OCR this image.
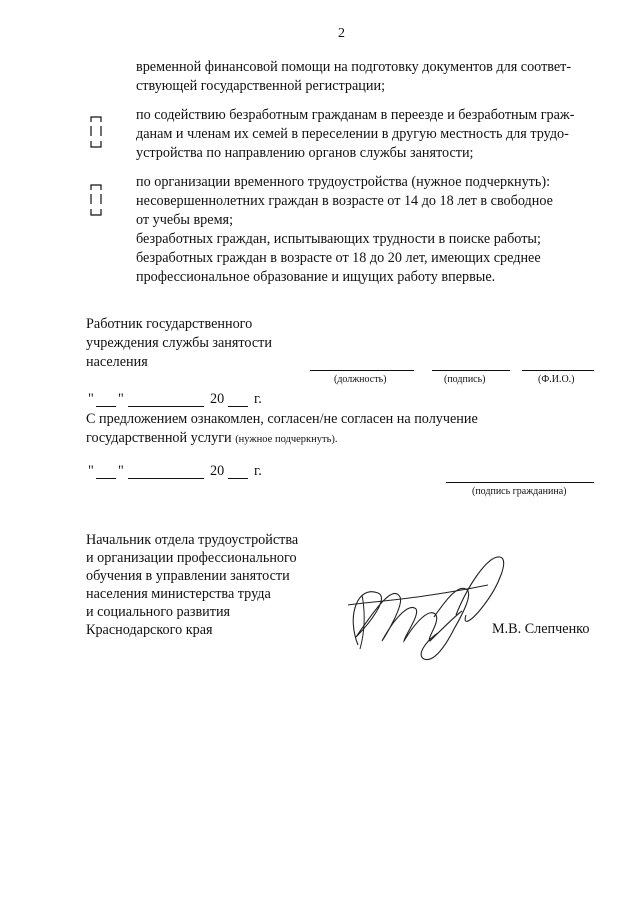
2
временной финансовой помощи на подготовку документов для соответ-
ствующей государственной регистрации;
по содействию безработным гражданам в переезде и безработным граж-
данам и членам их семей в переселении в другую местность для трудо-
устройства по направлению органов службы занятости;
по организации временного трудоустройства (нужное подчеркнуть):
несовершеннолетних граждан в возрасте от 14 до 18 лет в свободное
от учебы время;
безработных граждан, испытывающих трудности в поиске работы;
безработных граждан в возрасте от 18 до 20 лет, имеющих среднее
профессиональное образование и ищущих работу впервые.
Работник государственного
учреждения службы занятости
населения
(должность)	(подпись)	(Ф.И.О.)
" "	20 г.
С предложением ознакомлен, согласен/не согласен на получение
государственной услуги (нужное подчеркнуть).
" "	20 г.
(подпись гражданина)
Начальник отдела трудоустройства
и организации профессионального
обучения в управлении занятости
населения министерства труда
и социального развития
Краснодарского края	М.В. Слепченко
